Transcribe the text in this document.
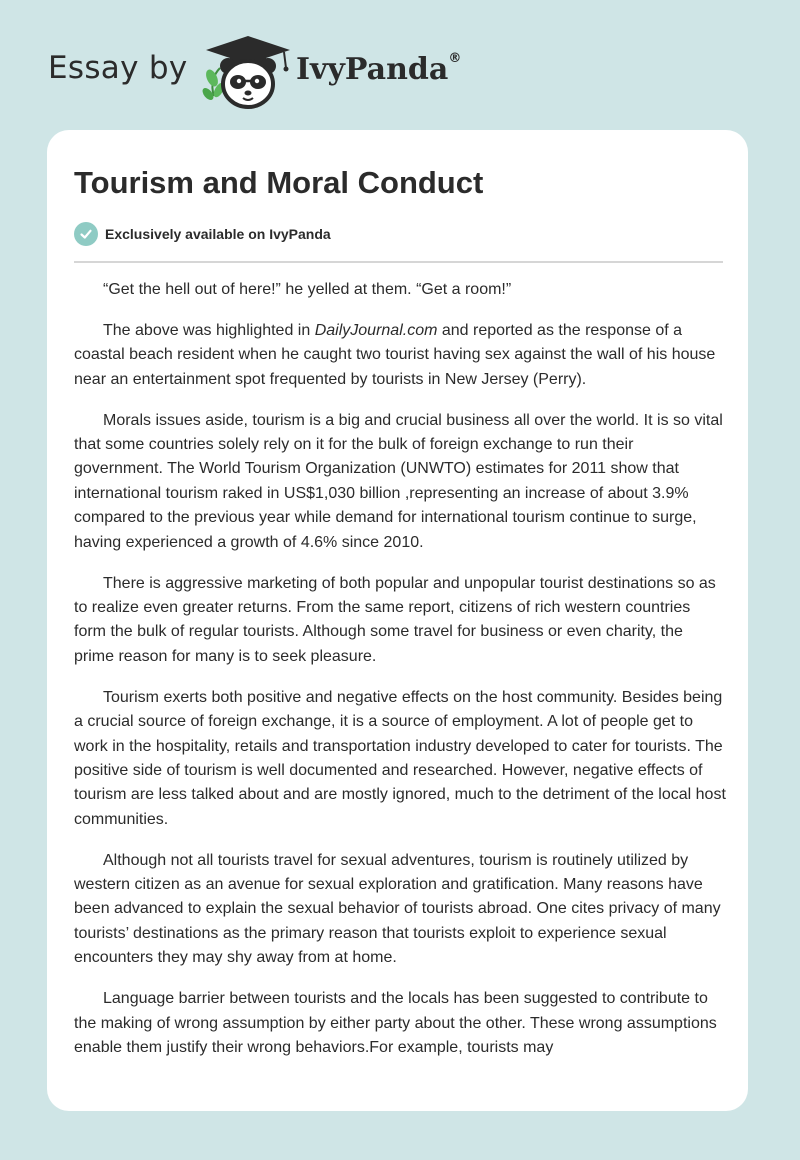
Essay by	IvyPanda®
Tourism and Moral Conduct
Exclusively available on IvyPanda

“Get the hell out of here!” he yelled at them. “Get a room!”

The above was highlighted in DailyJournal.com and reported as the response of a coastal beach resident when he caught two tourist having sex against the wall of his house near an entertainment spot frequented by tourists in New Jersey (Perry).

Morals issues aside, tourism is a big and crucial business all over the world. It is so vital that some countries solely rely on it for the bulk of foreign exchange to run their government. The World Tourism Organization (UNWTO) estimates for 2011 show that international tourism raked in US$1,030 billion ,representing an increase of about 3.9% compared to the previous year while demand for international tourism continue to surge, having experienced a growth of 4.6% since 2010.

There is aggressive marketing of both popular and unpopular tourist destinations so as to realize even greater returns. From the same report, citizens of rich western countries form the bulk of regular tourists. Although some travel for business or even charity, the prime reason for many is to seek pleasure.

Tourism exerts both positive and negative effects on the host community. Besides being a crucial source of foreign exchange, it is a source of employment. A lot of people get to work in the hospitality, retails and transportation industry developed to cater for tourists. The positive side of tourism is well documented and researched. However, negative effects of tourism are less talked about and are mostly ignored, much to the detriment of the local host communities.

Although not all tourists travel for sexual adventures, tourism is routinely utilized by western citizen as an avenue for sexual exploration and gratification. Many reasons have been advanced to explain the sexual behavior of tourists abroad. One cites privacy of many tourists’ destinations as the primary reason that tourists exploit to experience sexual encounters they may shy away from at home.

Language barrier between tourists and the locals has been suggested to contribute to the making of wrong assumption by either party about the other. These wrong assumptions enable them justify their wrong behaviors.For example, tourists may
